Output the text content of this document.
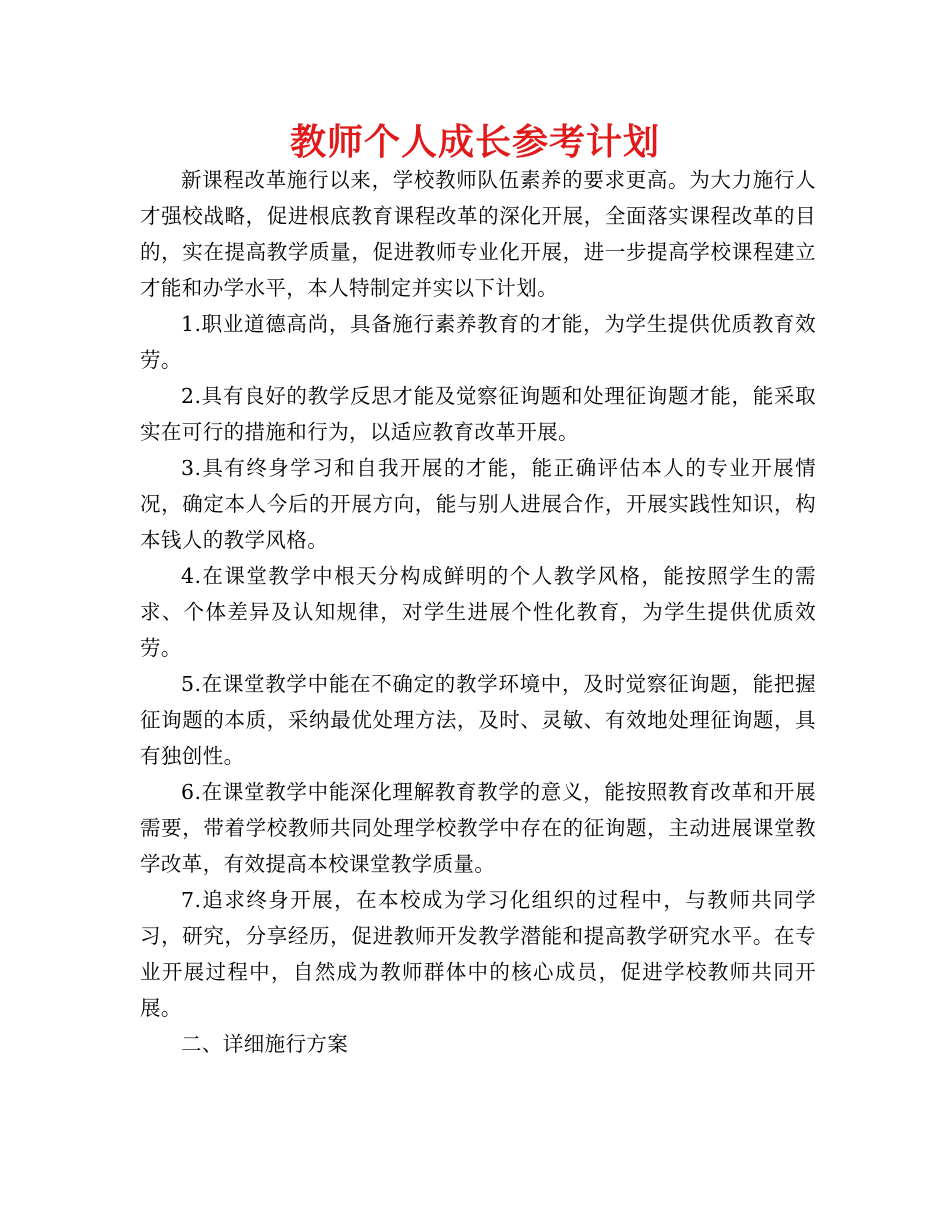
教师个人成长参考计划

新课程改革施行以来，学校教师队伍素养的要求更高。为大力施行人才强校战略，促进根底教育课程改革的深化开展，全面落实课程改革的目的，实在提高教学质量，促进教师专业化开展，进一步提高学校课程建立才能和办学水平，本人特制定并实以下计划。

1.职业道德高尚，具备施行素养教育的才能，为学生提供优质教育效劳。

2.具有良好的教学反思才能及觉察征询题和处理征询题才能，能采取实在可行的措施和行为，以适应教育改革开展。

3.具有终身学习和自我开展的才能，能正确评估本人的专业开展情况，确定本人今后的开展方向，能与别人进展合作，开展实践性知识，构本钱人的教学风格。

4.在课堂教学中根天分构成鲜明的个人教学风格，能按照学生的需求、个体差异及认知规律，对学生进展个性化教育，为学生提供优质效劳。

5.在课堂教学中能在不确定的教学环境中，及时觉察征询题，能把握征询题的本质，采纳最优处理方法，及时、灵敏、有效地处理征询题，具有独创性。

6.在课堂教学中能深化理解教育教学的意义，能按照教育改革和开展需要，带着学校教师共同处理学校教学中存在的征询题，主动进展课堂教学改革，有效提高本校课堂教学质量。

7.追求终身开展，在本校成为学习化组织的过程中，与教师共同学习，研究，分享经历，促进教师开发教学潜能和提高教学研究水平。在专业开展过程中，自然成为教师群体中的核心成员，促进学校教师共同开展。

二、详细施行方案
